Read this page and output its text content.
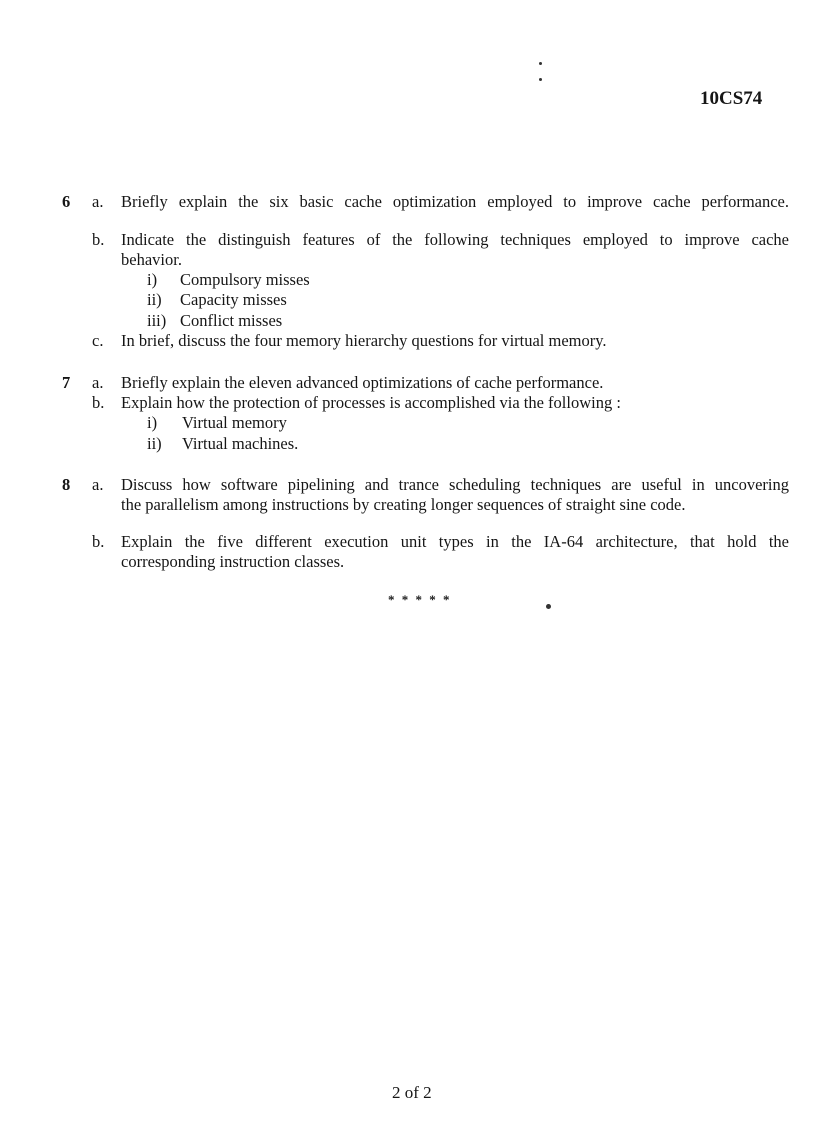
10CS74
6 a. Briefly explain the six basic cache optimization employed to improve cache performance.
b. Indicate the distinguish features of the following techniques employed to improve cache
behavior.
i) Compulsory misses
ii) Capacity misses
iii) Conflict misses
c. In brief, discuss the four memory hierarchy questions for virtual memory.
7 a. Briefly explain the eleven advanced optimizations of cache performance.
b. Explain how the protection of processes is accomplished via the following :
i) Virtual memory
ii) Virtual machines.
8 a. Discuss how software pipelining and trance scheduling techniques are useful in uncovering
the parallelism among instructions by creating longer sequences of straight sine code.
b. Explain the five different execution unit types in the IA-64 architecture, that hold the
corresponding instruction classes.
* * * * *
2 of 2
